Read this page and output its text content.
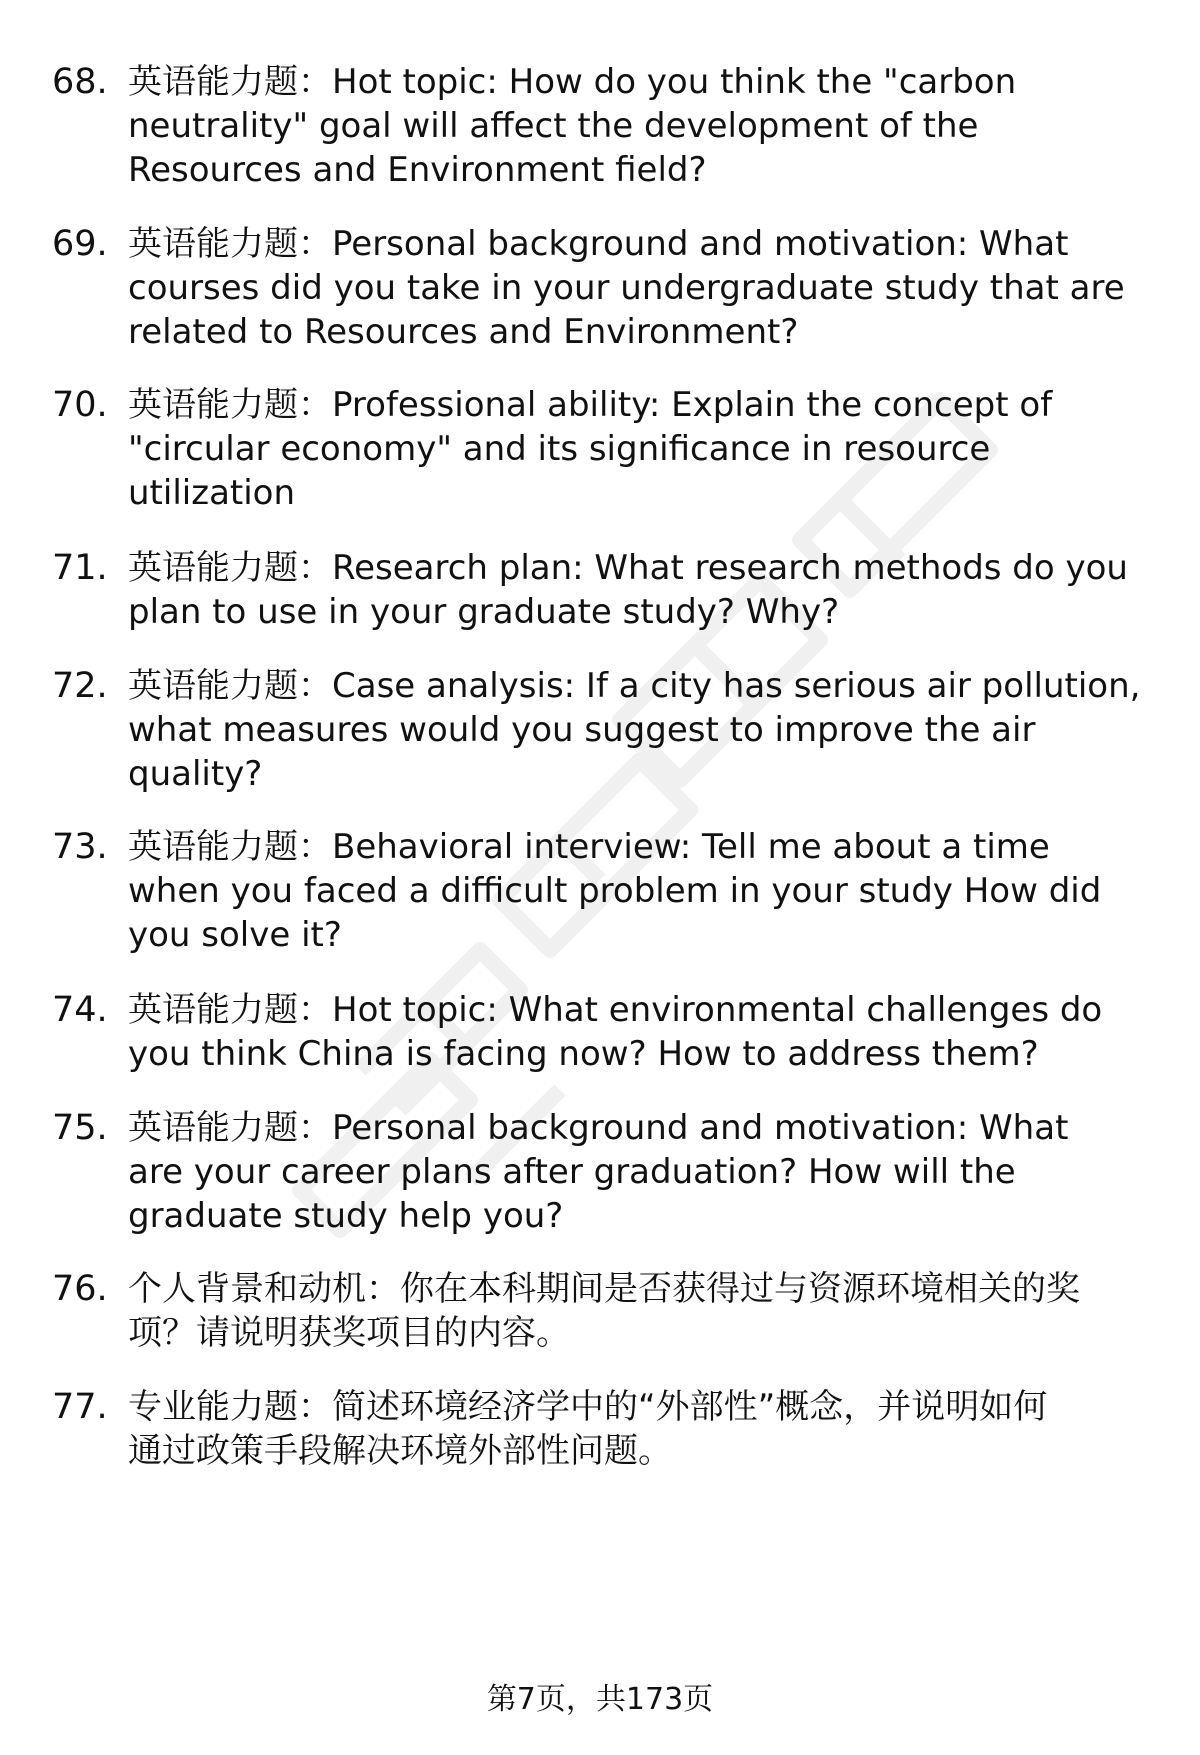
68. 英语能力题：Hot topic: How do you think the "carbon
neutrality" goal will affect the development of the
Resources and Environment field?
69. 英语能力题：Personal background and motivation: What
courses did you take in your undergraduate study that are
related to Resources and Environment?
70. 英语能力题：Professional ability: Explain the concept of
"circular economy" and its significance in resource
utilization
71. 英语能力题：Research plan: What research methods do you
plan to use in your graduate study? Why?
72. 英语能力题：Case analysis: If a city has serious air pollution,
what measures would you suggest to improve the air
quality?
73. 英语能力题：Behavioral interview: Tell me about a time
when you faced a difficult problem in your study How did
you solve it?
74. 英语能力题：Hot topic: What environmental challenges do
you think China is facing now? How to address them?
75. 英语能力题：Personal background and motivation: What
are your career plans after graduation? How will the
graduate study help you?
76. 个人背景和动机：你在本科期间是否获得过与资源环境相关的奖
项？请说明获奖项目的内容。
77. 专业能力题：简述环境经济学中的“外部性”概念，并说明如何
通过政策手段解决环境外部性问题。
第7页，共173页
